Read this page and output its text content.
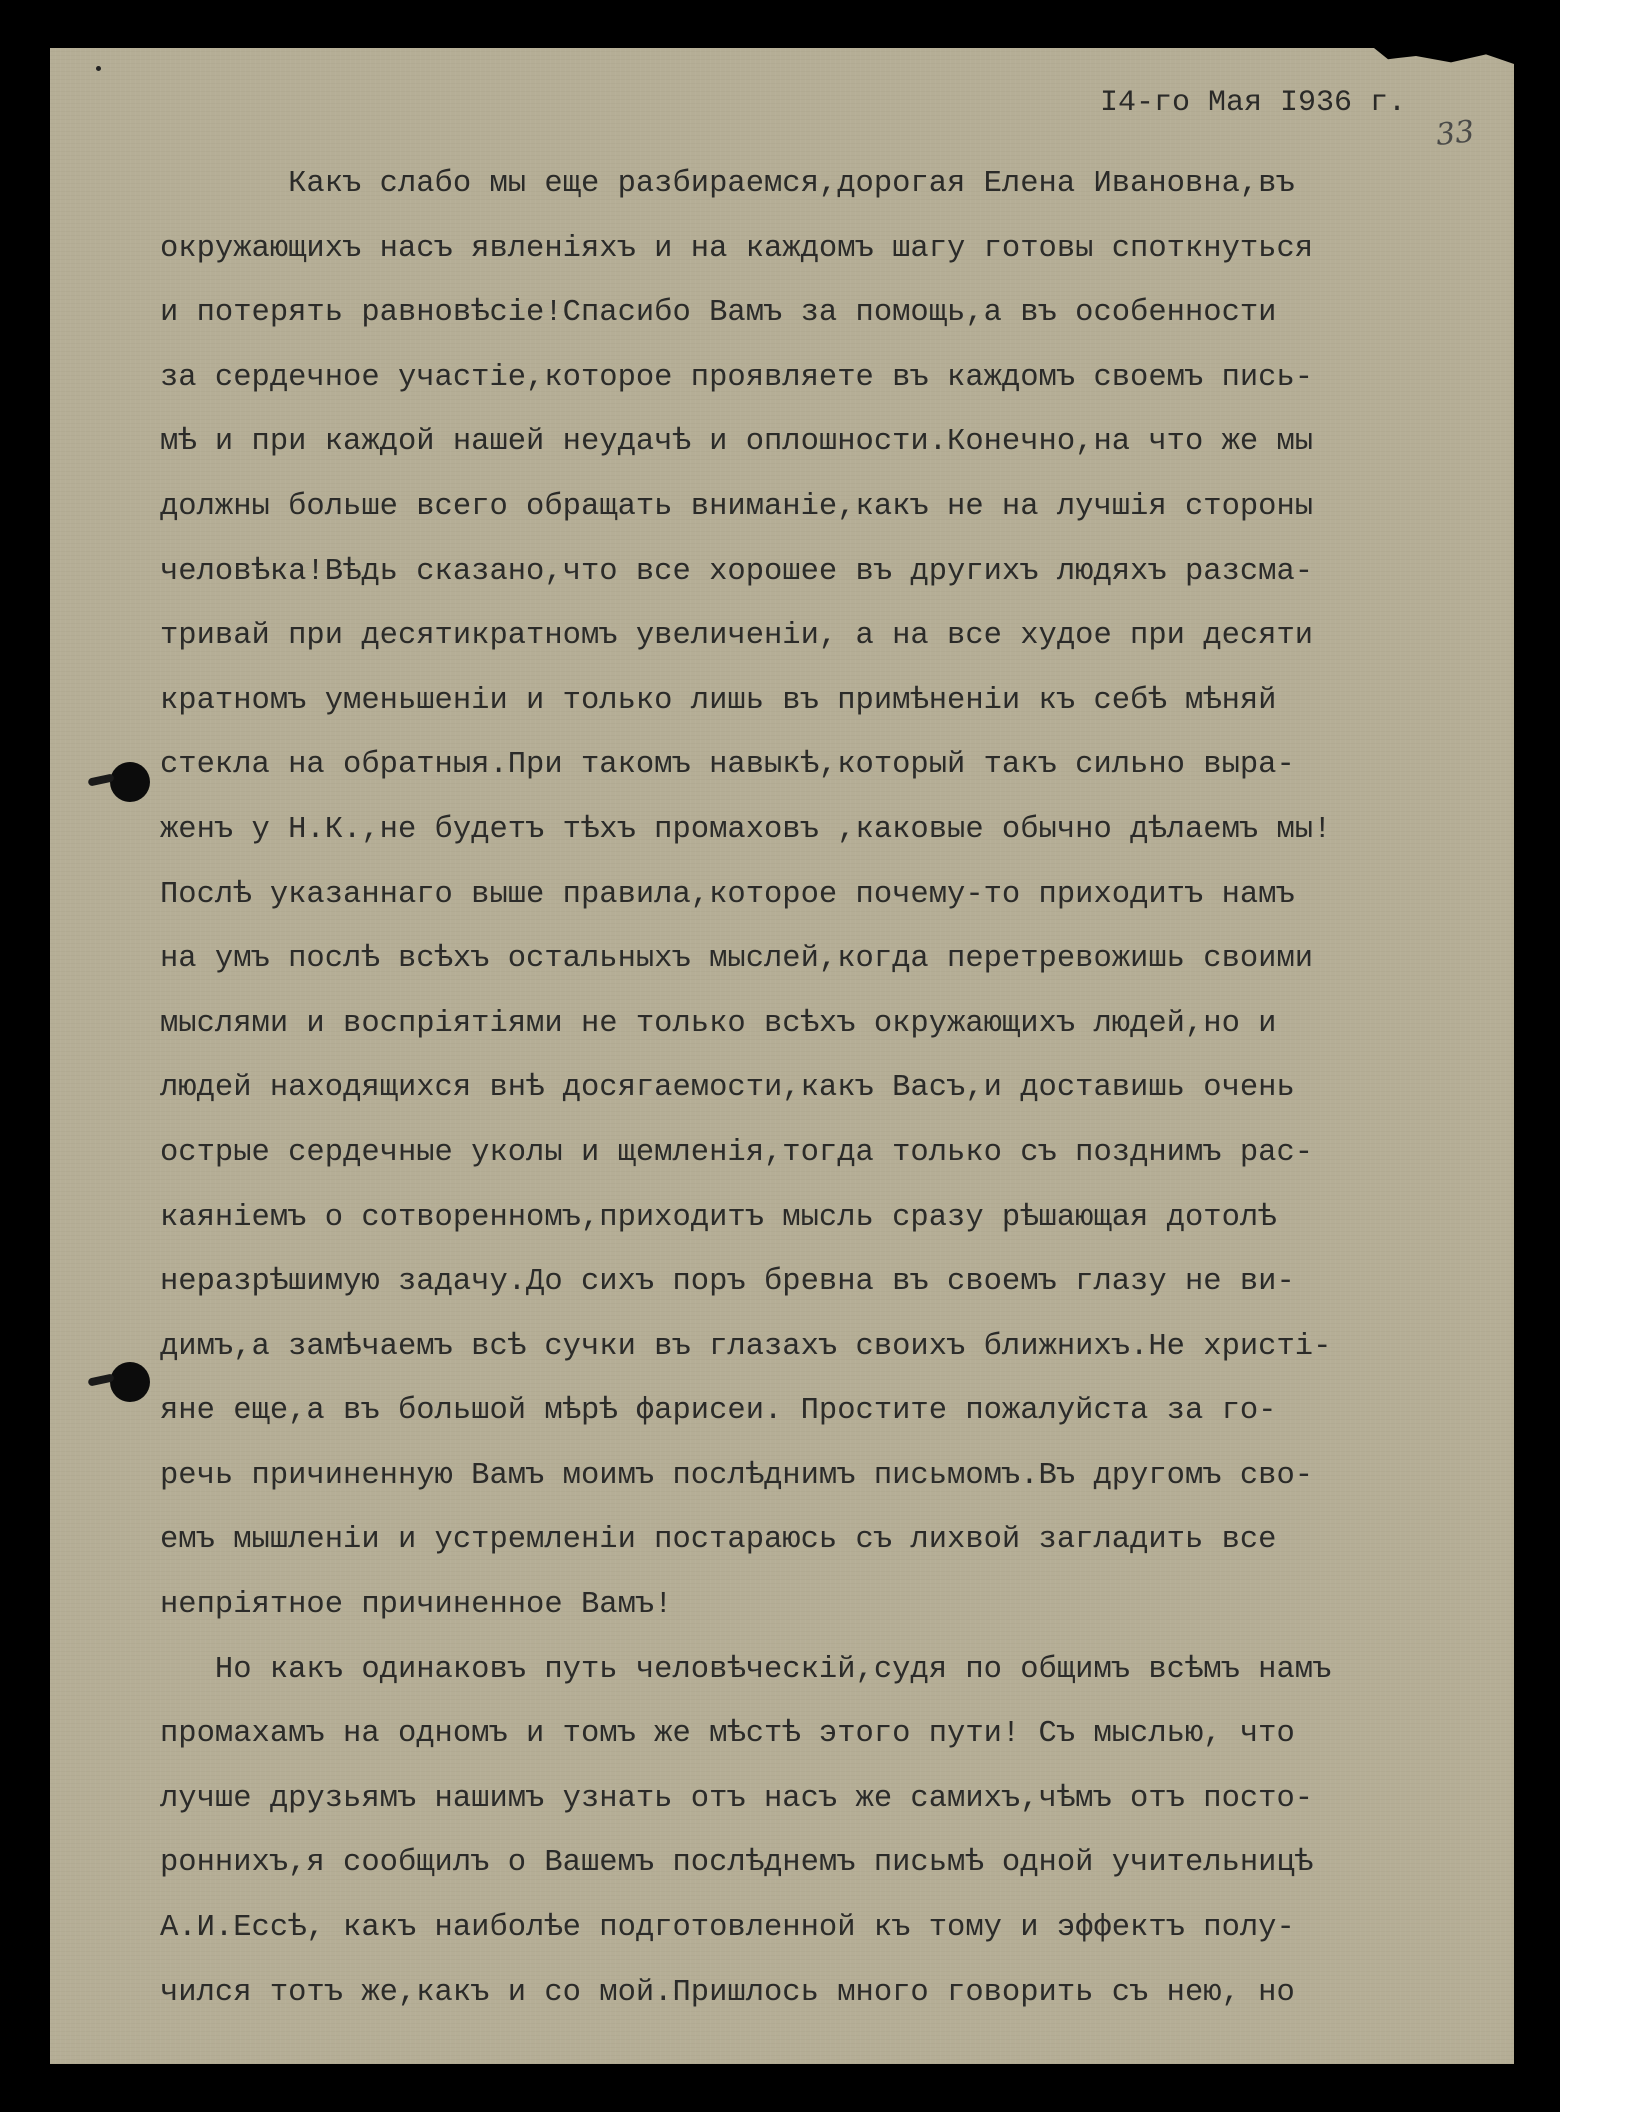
I4-го Мая I936 г.
33
Какъ слабо мы еще разбираемся,дорогая Елена Ивановна,въ
окружающихъ насъ явленiяхъ и на каждомъ шагу готовы споткнуться
и потерять равновѣсiе!Спасибо Вамъ за помощь,а въ особенности
за сердечное участiе,которое проявляете въ каждомъ своемъ пись-
мѣ и при каждой нашей неудачѣ и оплошности.Конечно,на что же мы
должны больше всего обращать вниманiе,какъ не на лучшiя стороны
человѣка!Вѣдь сказано,что все хорошее въ другихъ людяхъ разсма-
тривай при десятикратномъ увеличенiи, а на все худое при десяти
кратномъ уменьшенiи и только лишь въ примѣненiи къ себѣ мѣняй
стекла на обратныя.При такомъ навыкѣ,который такъ сильно выра-
женъ у Н.К.,не будетъ тѣхъ промаховъ ,каковые обычно дѣлаемъ мы!
Послѣ указаннаго выше правила,которое почему-то приходитъ намъ
на умъ послѣ всѣхъ остальныхъ мыслей,когда перетревожишь своими
мыслями и воспрiятiями не только всѣхъ окружающихъ людей,но и
людей находящихся внѣ досягаемости,какъ Васъ,и доставишь очень
острые сердечные уколы и щемленiя,тогда только съ позднимъ рас-
каянiемъ о сотворенномъ,приходитъ мысль сразу рѣшающая дотолѣ
неразрѣшимую задачу.До сихъ поръ бревна въ своемъ глазу не ви-
димъ,а замѣчаемъ всѣ сучки въ глазахъ своихъ ближнихъ.Не христi-
яне еще,а въ большой мѣрѣ фарисеи. Простите пожалуйста за го-
речь причиненную Вамъ моимъ послѣднимъ письмомъ.Въ другомъ сво-
емъ мышленiи и устремленiи постараюсь съ лихвой загладить все
непрiятное причиненное Вамъ!
Но какъ одинаковъ путь человѣческiй,судя по общимъ всѣмъ намъ
промахамъ на одномъ и томъ же мѣстѣ этого пути! Съ мыслью, что
лучше друзьямъ нашимъ узнать отъ насъ же самихъ,чѣмъ отъ посто-
роннихъ,я сообщилъ о Вашемъ послѣднемъ письмѣ одной учительницѣ
А.И.Ессѣ, какъ наиболѣе подготовленной къ тому и эффектъ полу-
чился тотъ же,какъ и со мой.Пришлось много говорить съ нею, но
